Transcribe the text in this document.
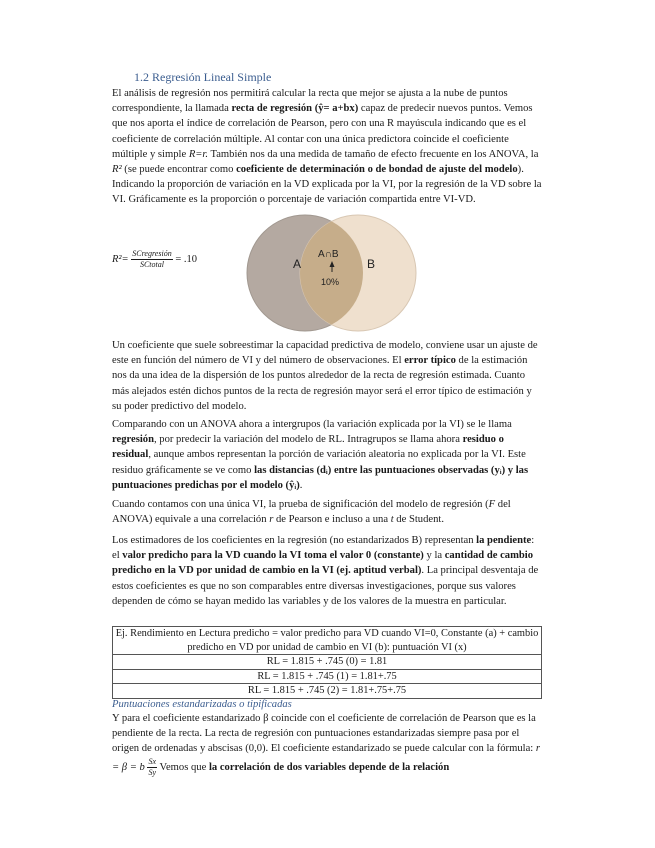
1.2 Regresión Lineal Simple
El análisis de regresión nos permitirá calcular la recta que mejor se ajusta a la nube de puntos correspondiente, la llamada recta de regresión (ŷ= a+bx) capaz de predecir nuevos puntos. Vemos que nos aporta el índice de correlación de Pearson, pero con una R mayúscula indicando que es el coeficiente de correlación múltiple. Al contar con una única predictora coincide el coeficiente múltiple y simple R=r. También nos da una medida de tamaño de efecto frecuente en los ANOVA, la R² (se puede encontrar como coeficiente de determinación o de bondad de ajuste del modelo). Indicando la proporción de variación en la VD explicada por la VI, por la regresión de la VD sobre la VI. Gráficamente es la proporción o porcentaje de variación compartida entre VI-VD.
$R^2= \frac{\text{SCregresión}}{\text{SCtotal}} = .10$	A	B
A∩B
10%
Un coeficiente que suele sobreestimar la capacidad predictiva de modelo, conviene usar un ajuste de este en función del número de VI y del número de observaciones. El error típico de la estimación nos da una idea de la dispersión de los puntos alrededor de la recta de regresión estimada. Cuanto más alejados estén dichos puntos de la recta de regresión mayor será el error típico de estimación y su poder predictivo del modelo.
Comparando con un ANOVA ahora a intergrupos (la variación explicada por la VI) se le llama regresión, por predecir la variación del modelo de RL. Intragrupos se llama ahora residuo o residual, aunque ambos representan la porción de variación aleatoria no explicada por la VI. Este residuo gráficamente se ve como las distancias (dᵢ) entre las puntuaciones observadas (yᵢ) y las puntuaciones predichas por el modelo (ŷᵢ).
Cuando contamos con una única VI, la prueba de significación del modelo de regresión (F del ANOVA) equivale a una correlación r de Pearson e incluso a una t de Student.
Los estimadores de los coeficientes en la regresión (no estandarizados B) representan la pendiente: el valor predicho para la VD cuando la VI toma el valor 0 (constante) y la cantidad de cambio predicho en la VD por unidad de cambio en la VI (ej. aptitud verbal). La principal desventaja de estos coeficientes es que no son comparables entre diversas investigaciones, porque sus valores dependen de cómo se hayan medido las variables y de los valores de la muestra en particular.
Ej. Rendimiento en Lectura predicho = valor predicho para VD cuando VI=0, Constante (a) + cambio predicho en VD por unidad de cambio en VI (b): puntuación VI (x)
RL = 1.815 + .745 (0) = 1.81
RL = 1.815 + .745 (1) = 1.81+.75
RL = 1.815 + .745 (2) = 1.81+.75+.75
Puntuaciones estandarizadas o tipificadas
Y para el coeficiente estandarizado β coincide con el coeficiente de correlación de Pearson que es la pendiente de la recta. La recta de regresión con puntuaciones estandarizadas siempre pasa por el origen de ordenadas y abscisas (0,0). El coeficiente estandarizado se puede calcular con la fórmula: r = β = b $\frac{Sx}{Sy}$ Vemos que la correlación de dos variables depende de la relación
